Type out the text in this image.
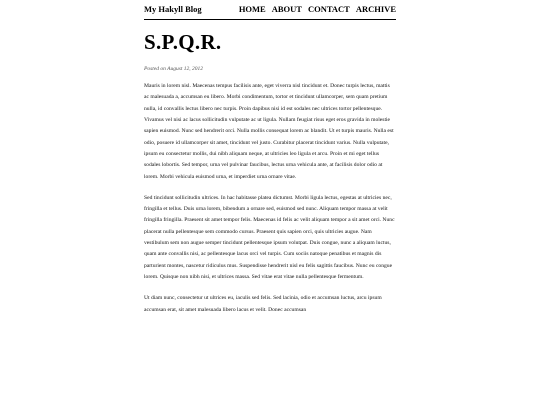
My Hakyll Blog	HOME ABOUT CONTACT ARCHIVE
S.P.Q.R.
Posted on August 12, 2012

Mauris in lorem nisl. Maecenas tempus facilisis ante, eget viverra nisl tincidunt et. Donec turpis lectus, mattis ac malesuada a, accumsan eu libero. Morbi condimentum, tortor et tincidunt ullamcorper, sem quam pretium nulla, id convallis lectus libero nec turpis. Proin dapibus nisi id est sodales nec ultrices tortor pellentesque. Vivamus vel nisi ac lacus sollicitudin vulputate ac ut ligula. Nullam feugiat risus eget eros gravida in molestie sapien euismod. Nunc sed hendrerit orci. Nulla mollis consequat lorem ac blandit. Ut et turpis mauris. Nulla est odio, posuere id ullamcorper sit amet, tincidunt vel justo. Curabitur placerat tincidunt varius. Nulla vulputate, ipsum eu consectetur mollis, dui nibh aliquam neque, at ultricies leo ligula et arcu. Proin et mi eget tellus sodales lobortis. Sed tempor, urna vel pulvinar faucibus, lectus urna vehicula ante, at facilisis dolor odio at lorem. Morbi vehicula euismod urna, et imperdiet urna ornare vitae.

Sed tincidunt sollicitudin ultrices. In hac habitasse platea dictumst. Morbi ligula lectus, egestas at ultricies nec, fringilla et tellus. Duis urna lorem, bibendum a ornare sed, euismod sed nunc. Aliquam tempor massa at velit fringilla fringilla. Praesent sit amet tempor felis. Maecenas id felis ac velit aliquam tempor a sit amet orci. Nunc placerat nulla pellentesque sem commodo cursus. Praesent quis sapien orci, quis ultricies augue. Nam vestibulum sem non augue semper tincidunt pellentesque ipsum volutpat. Duis congue, nunc a aliquam luctus, quam ante convallis nisi, ac pellentesque lacus orci vel turpis. Cum sociis natoque penatibus et magnis dis parturient montes, nascetur ridiculus mus. Suspendisse hendrerit nisl eu felis sagittis faucibus. Nunc eu congue lorem. Quisque non nibh nisi, et ultrices massa. Sed vitae erat vitae nulla pellentesque fermentum.

Ut diam nunc, consectetur ut ultrices eu, iaculis sed felis. Sed lacinia, odio et accumsan luctus, arcu ipsum accumsan erat, sit amet malesuada libero lacus et velit. Donec accumsan
